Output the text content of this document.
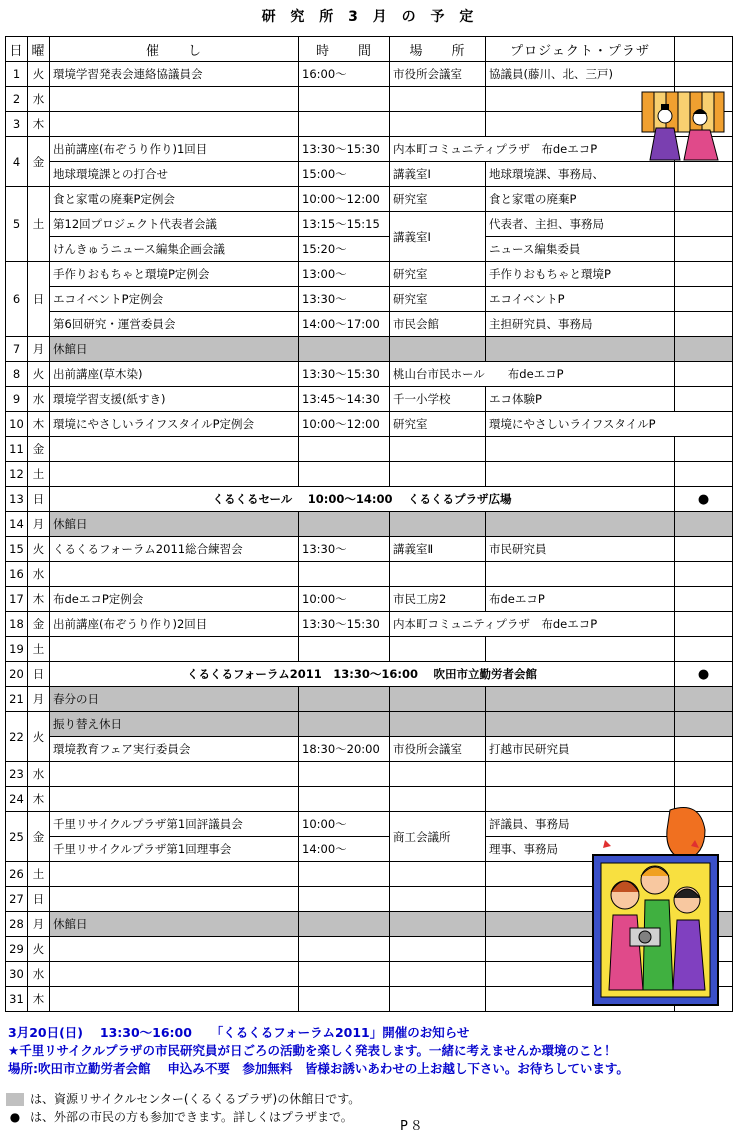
研 究 所 3 月 の 予 定
日	曜	催　　し	時　　間	場　　所	プロジェクト・プラザ	
1	火	環境学習発表会連絡協議員会	16:00～	市役所会議室	協議員(藤川、北、三戸)	
2	水					
3	木					
4	金	出前講座(布ぞうり作り)1回目	13:30～15:30	内本町コミュニティプラザ　布deエコP		
		地球環境課との打合せ	15:00～	講義室Ⅰ	地球環境課、事務局、	
5	土	食と家電の廃棄P定例会	10:00～12:00	研究室	食と家電の廃棄P	
		第12回プロジェクト代表者会議	13:15～15:15	講義室Ⅰ	代表者、主担、事務局	
		けんきゅうニュース編集企画会議	15:20～		ニュース編集委員	
6	日	手作りおもちゃと環境P定例会	13:00～	研究室	手作りおもちゃと環境P	
		エコイベントP定例会	13:30～	研究室	エコイベントP	
		第6回研究・運営委員会	14:00～17:00	市民会館	主担研究員、事務局	
7	月	休館日				
8	火	出前講座(草木染)	13:30～15:30	桃山台市民ホール　　布deエコP		
9	水	環境学習支援(紙すき)	13:45～14:30	千一小学校	エコ体験P	
10	木	環境にやさしいライフスタイルP定例会	10:00～12:00	研究室	環境にやさしいライフスタイルP	
11	金					
12	土					
13	日	くるくるセール　 10:00～14:00　 くるくるプラザ広場				●
14	月	休館日				
15	火	くるくるフォーラム2011総合練習会	13:30～	講義室Ⅱ	市民研究員	
16	水					
17	木	布deエコP定例会	10:00～	市民工房2	布deエコP	
18	金	出前講座(布ぞうり作り)2回目	13:30～15:30	内本町コミュニティプラザ　布deエコP		
19	土					
20	日	くるくるフォーラム2011　13:30～16:00　 吹田市立勤労者会館				●
21	月	春分の日				
22	火	振り替え休日				
		環境教育フェア実行委員会	18:30～20:00	市役所会議室	打越市民研究員	
23	水					
24	木					
25	金	千里リサイクルプラザ第1回評議員会	10:00～	商工会議所	評議員、事務局	
		千里リサイクルプラザ第1回理事会	14:00～		理事、事務局	
26	土					
27	日					
28	月	休館日				
29	火					
30	水					
31	木					
3月20日(日)　 13:30～16:00　　「くるくるフォーラム2011」開催のお知らせ
★千里リサイクルプラザの市民研究員が日ごろの活動を楽しく発表します。一緒に考えませんか環境のこと！
場所:吹田市立勤労者会館　 申込み不要　参加無料　皆様お誘いあわせの上お越し下さい。お待ちしています。
は、資源リサイクルセンター(くるくるプラザ)の休館日です。
● は、外部の市民の方も参加できます。詳しくはプラザまで。
P８
